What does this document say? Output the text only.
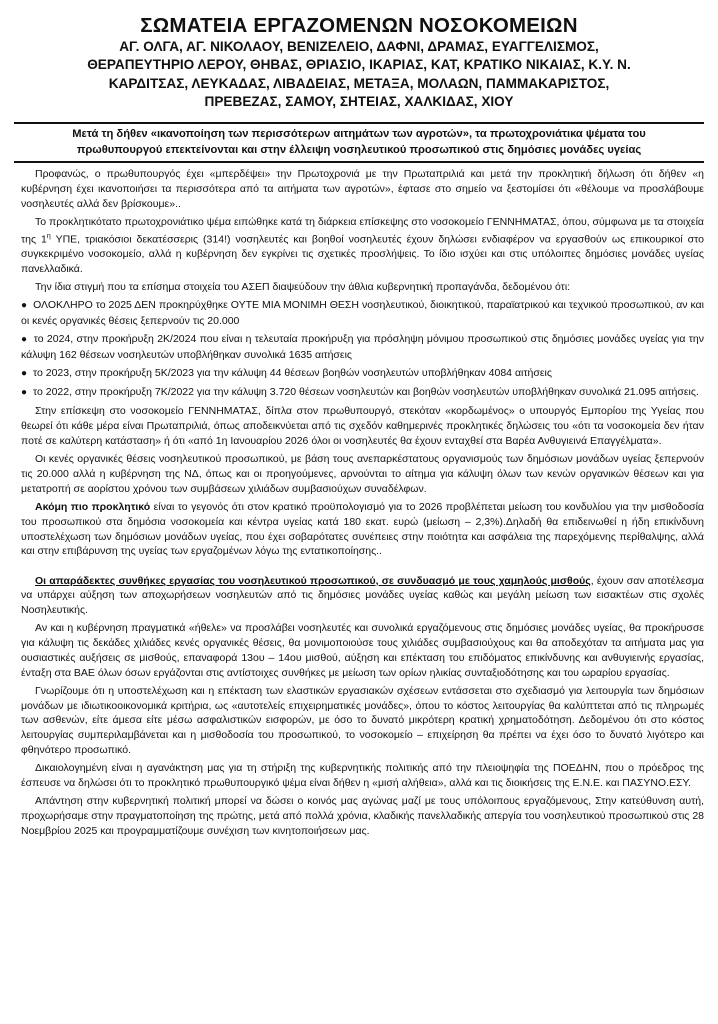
ΣΩΜΑΤΕΙΑ ΕΡΓΑΖΟΜΕΝΩΝ ΝΟΣΟΚΟΜΕΙΩΝ
ΑΓ. ΟΛΓΑ, ΑΓ. ΝΙΚΟΛΑΟΥ, ΒΕΝΙΖΕΛΕΙΟ, ΔΑΦΝΙ, ΔΡΑΜΑΣ, ΕΥΑΓΓΕΛΙΣΜΟΣ,
ΘΕΡΑΠΕΥΤΗΡΙΟ ΛΕΡΟΥ, ΘΗΒΑΣ, ΘΡΙΑΣΙΟ, ΙΚΑΡΙΑΣ, ΚΑΤ, ΚΡΑΤΙΚΟ ΝΙΚΑΙΑΣ, Κ.Υ. Ν.
ΚΑΡΔΙΤΣΑΣ, ΛΕΥΚΑΔΑΣ, ΛΙΒΑΔΕΙΑΣ, ΜΕΤΑΞΑ, ΜΟΛΑΩΝ, ΠΑΜΜΑΚΑΡΙΣΤΟΣ,
ΠΡΕΒΕΖΑΣ, ΣΑΜΟΥ, ΣΗΤΕΙΑΣ, ΧΑΛΚΙΔΑΣ, ΧΙΟΥ
Μετά τη δήθεν «ικανοποίηση των περισσότερων αιτημάτων των αγροτών», τα πρωτοχρονιάτικα ψέματα του
πρωθυπουργού επεκτείνονται και στην έλλειψη νοσηλευτικού προσωπικού στις δημόσιες μονάδες υγείας

Προφανώς, ο πρωθυπουργός έχει «μπερδέψει» την Πρωτοχρονιά με την Πρωταπριλιά και μετά την προκλητική δήλωση ότι δήθεν «η κυβέρνηση έχει ικανοποιήσει τα περισσότερα από τα αιτήματα των αγροτών», έφτασε στο σημείο να ξεστομίσει ότι «θέλουμε να προσλάβουμε νοσηλευτές αλλά δεν βρίσκουμε»..

Το προκλητικότατο πρωτοχρονιάτικο ψέμα ειπώθηκε κατά τη διάρκεια επίσκεψης στο νοσοκομείο ΓΕΝΝΗΜΑΤΑΣ, όπου, σύμφωνα με τα στοιχεία της $1^\eta$ ΥΠΕ, τριακόσιοι δεκατέσσερις (314!) νοσηλευτές και βοηθοί νοσηλευτές έχουν δηλώσει ενδιαφέρον να εργασθούν ως επικουρικοί στο συγκεκριμένο νοσοκομείο, αλλά η κυβέρνηση δεν εγκρίνει τις σχετικές προσλήψεις. Το ίδιο ισχύει και στις υπόλοιπες δημόσιες μονάδες υγείας πανελλαδικά.

Την ίδια στιγμή που τα επίσημα στοιχεία του ΑΣΕΠ διαψεύδουν την άθλια κυβερνητική προπαγάνδα, δεδομένου ότι:

● ΟΛΟΚΛΗΡΟ το 2025 ΔΕΝ προκηρύχθηκε ΟΥΤΕ ΜΙΑ ΜΟΝΙΜΗ ΘΕΣΗ νοσηλευτικού, διοικητικού, παραϊατρικού και τεχνικού προσωπικού, αν και οι κενές οργανικές θέσεις ξεπερνούν τις 20.000

● το 2024, στην προκήρυξη 2Κ/2024 που είναι η τελευταία προκήρυξη για πρόσληψη μόνιμου προσωπικού στις δημόσιες μονάδες υγείας για την κάλυψη 162 θέσεων νοσηλευτών υποβλήθηκαν συνολικά 1635 αιτήσεις

● το 2023, στην προκήρυξη 5Κ/2023 για την κάλυψη 44 θέσεων βοηθών νοσηλευτών υποβλήθηκαν 4084 αιτήσεις

● το 2022, στην προκήρυξη 7Κ/2022 για την κάλυψη 3.720 θέσεων νοσηλευτών και βοηθών νοσηλευτών υποβλήθηκαν συνολικά 21.095 αιτήσεις.

Στην επίσκεψη στο νοσοκομείο ΓΕΝΝΗΜΑΤΑΣ, δίπλα στον πρωθυπουργό, στεκόταν «κορδωμένος» ο υπουργός Εμπορίου της Υγείας που θεωρεί ότι κάθε μέρα είναι Πρωταπριλιά, όπως αποδεικνύεται από τις σχεδόν καθημερινές προκλητικές δηλώσεις του «ότι τα νοσοκομεία δεν ήταν ποτέ σε καλύτερη κατάσταση» ή ότι «από 1η Ιανουαρίου 2026 όλοι οι νοσηλευτές θα έχουν ενταχθεί στα Βαρέα Ανθυγιεινά Επαγγέλματα».

Οι κενές οργανικές θέσεις νοσηλευτικού προσωπικού, με βάση τους ανεπαρκέστατους οργανισμούς των δημόσιων μονάδων υγείας ξεπερνούν τις 20.000 αλλά η κυβέρνηση της ΝΔ, όπως και οι προηγούμενες, αρνούνται το αίτημα για κάλυψη όλων των κενών οργανικών θέσεων και για μετατροπή σε αορίστου χρόνου των συμβάσεων χιλιάδων συμβασιούχων συναδέλφων.

Ακόμη πιο προκλητικό είναι το γεγονός ότι στον κρατικό προϋπολογισμό για το 2026 προβλέπεται μείωση του κονδυλίου για την μισθοδοσία του προσωπικού στα δημόσια νοσοκομεία και κέντρα υγείας κατά 180 εκατ. ευρώ (μείωση – 2,3%).Δηλαδή θα επιδεινωθεί η ήδη επικίνδυνη υποστελέχωση των δημόσιων μονάδων υγείας, που έχει σοβαρότατες συνέπειες στην ποιότητα και ασφάλεια της παρεχόμενης περίθαλψης, αλλά και στην επιβάρυνση της υγείας των εργαζομένων λόγω της εντατικοποίησης..

Οι απαράδεκτες συνθήκες εργασίας του νοσηλευτικού προσωπικού, σε συνδυασμό με τους χαμηλούς μισθούς, έχουν σαν αποτέλεσμα να υπάρχει αύξηση των αποχωρήσεων νοσηλευτών από τις δημόσιες μονάδες υγείας καθώς και μεγάλη μείωση των εισακτέων στις σχολές Νοσηλευτικής.

Αν και η κυβέρνηση πραγματικά «ήθελε» να προσλάβει νοσηλευτές και συνολικά εργαζόμενους στις δημόσιες μονάδες υγείας, θα προκήρυσσε για κάλυψη τις δεκάδες χιλιάδες κενές οργανικές θέσεις, θα μονιμοποιούσε τους χιλιάδες συμβασιούχους και θα αποδεχόταν τα αιτήματα μας για ουσιαστικές αυξήσεις σε μισθούς, επαναφορά 13ου – 14ου μισθού, αύξηση και επέκταση του επιδόματος επικίνδυνης και ανθυγιεινής εργασίας, ένταξη στα ΒΑΕ όλων όσων εργάζονται στις αντίστοιχες συνθήκες με μείωση των ορίων ηλικίας συνταξιοδότησης και του ωραρίου εργασίας.

Γνωρίζουμε ότι η υποστελέχωση και η επέκταση των ελαστικών εργασιακών σχέσεων εντάσσεται στο σχεδιασμό για λειτουργία των δημόσιων μονάδων με ιδιωτικοοικονομικά κριτήρια, ως «αυτοτελείς επιχειρηματικές μονάδες», όπου το κόστος λειτουργίας θα καλύπτεται από τις πληρωμές των ασθενών, είτε άμεσα είτε μέσω ασφαλιστικών εισφορών, με όσο το δυνατό μικρότερη κρατική χρηματοδότηση. Δεδομένου ότι στο κόστος λειτουργίας συμπεριλαμβάνεται και η μισθοδοσία του προσωπικού, το νοσοκομείο – επιχείρηση θα πρέπει να έχει όσο το δυνατό λιγότερο και φθηνότερο προσωπικό.

Δικαιολογημένη είναι η αγανάκτηση μας για τη στήριξη της κυβερνητικής πολιτικής από την πλειοψηφία της ΠΟΕΔΗΝ, που ο πρόεδρος της έσπευσε να δηλώσει ότι το προκλητικό πρωθυπουργικό ψέμα είναι δήθεν η «μισή αλήθεια», αλλά και τις διοικήσεις της Ε.Ν.Ε. και ΠΑΣΥΝΟ.ΕΣΥ.

Απάντηση στην κυβερνητική πολιτική μπορεί να δώσει ο κοινός μας αγώνας μαζί με τους υπόλοιπους εργαζόμενους, Στην κατεύθυνση αυτή, προχωρήσαμε στην πραγματοποίηση της πρώτης, μετά από πολλά χρόνια, κλαδικής πανελλαδικής απεργία του νοσηλευτικού προσωπικού στις 28 Νοεμβρίου 2025 και προγραμματίζουμε συνέχιση των κινητοποιήσεων μας.
